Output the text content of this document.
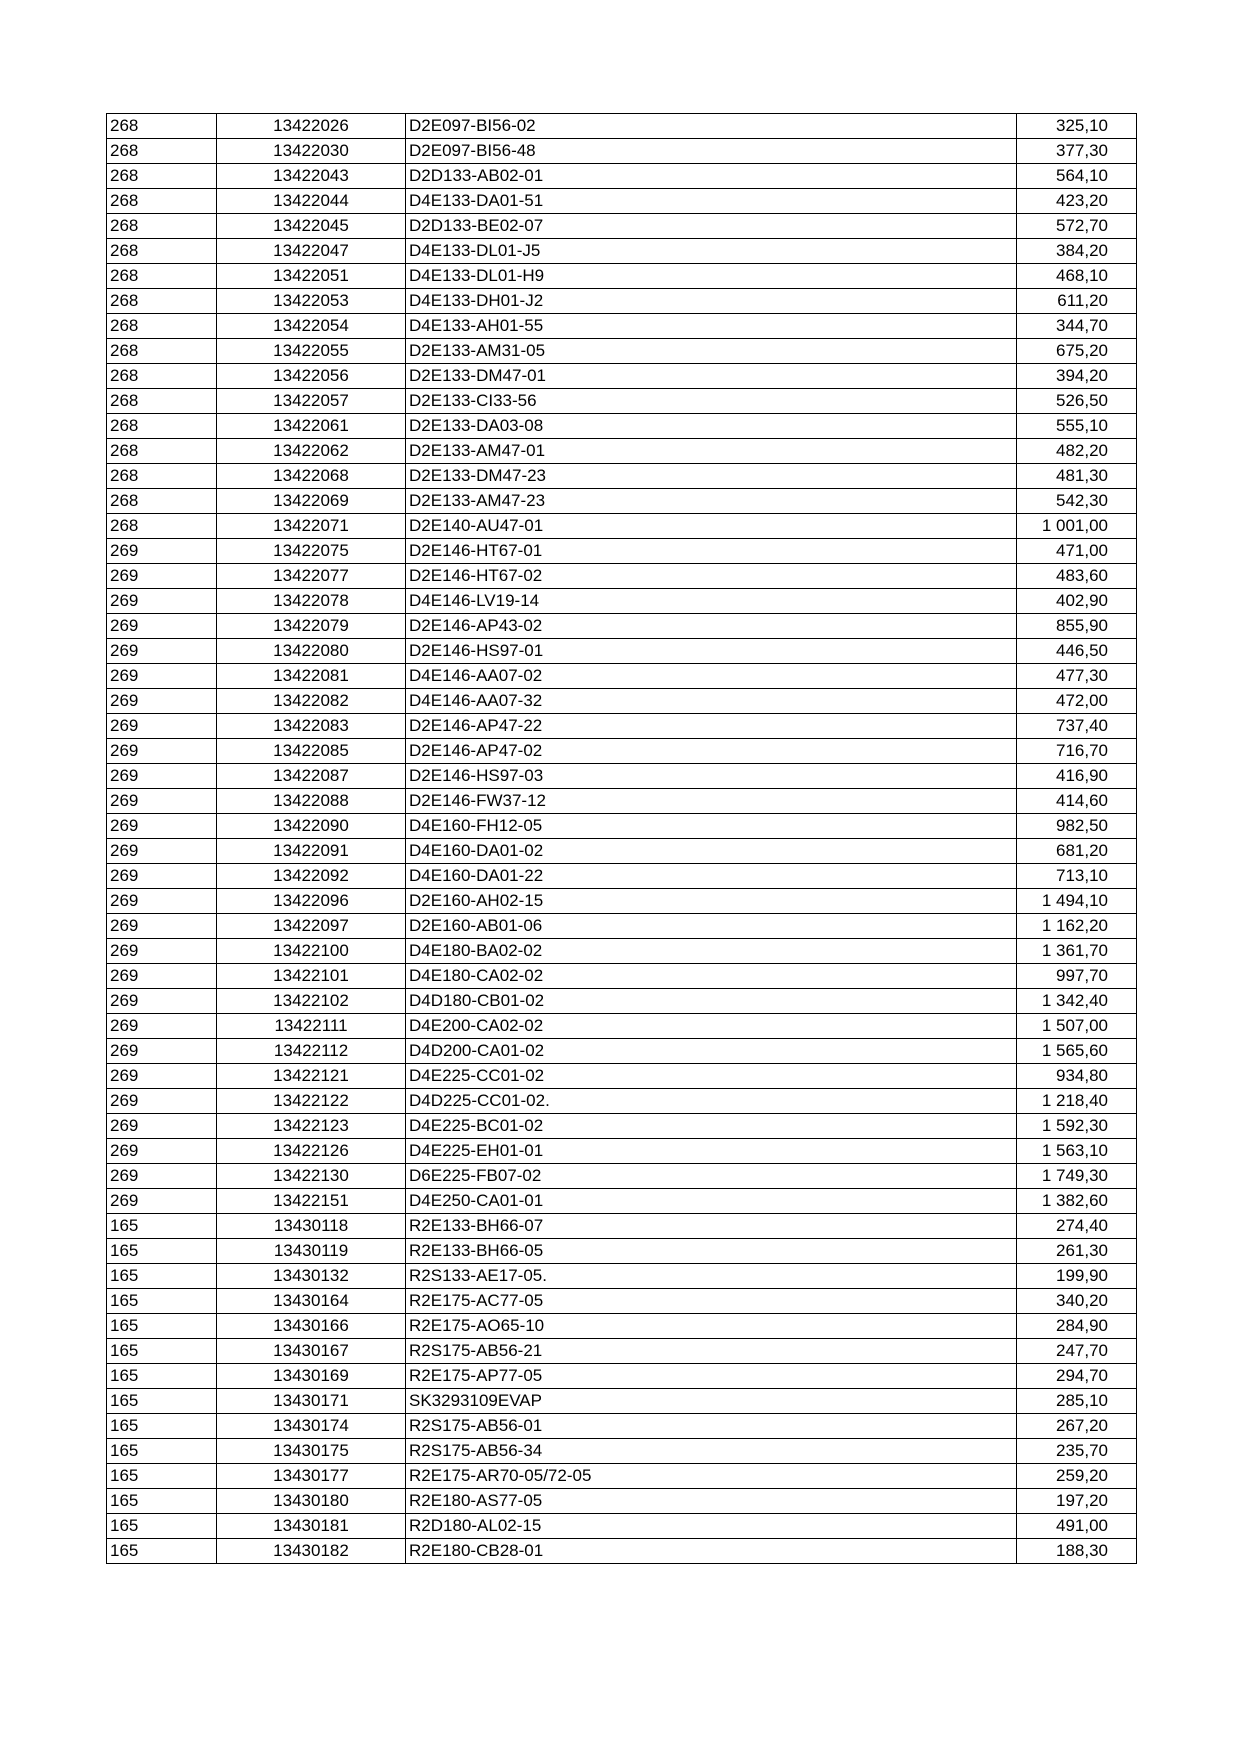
268	13422026	D2E097-BI56-02	325,10
268	13422030	D2E097-BI56-48	377,30
268	13422043	D2D133-AB02-01	564,10
268	13422044	D4E133-DA01-51	423,20
268	13422045	D2D133-BE02-07	572,70
268	13422047	D4E133-DL01-J5	384,20
268	13422051	D4E133-DL01-H9	468,10
268	13422053	D4E133-DH01-J2	611,20
268	13422054	D4E133-AH01-55	344,70
268	13422055	D2E133-AM31-05	675,20
268	13422056	D2E133-DM47-01	394,20
268	13422057	D2E133-CI33-56	526,50
268	13422061	D2E133-DA03-08	555,10
268	13422062	D2E133-AM47-01	482,20
268	13422068	D2E133-DM47-23	481,30
268	13422069	D2E133-AM47-23	542,30
268	13422071	D2E140-AU47-01	1 001,00
269	13422075	D2E146-HT67-01	471,00
269	13422077	D2E146-HT67-02	483,60
269	13422078	D4E146-LV19-14	402,90
269	13422079	D2E146-AP43-02	855,90
269	13422080	D2E146-HS97-01	446,50
269	13422081	D4E146-AA07-02	477,30
269	13422082	D4E146-AA07-32	472,00
269	13422083	D2E146-AP47-22	737,40
269	13422085	D2E146-AP47-02	716,70
269	13422087	D2E146-HS97-03	416,90
269	13422088	D2E146-FW37-12	414,60
269	13422090	D4E160-FH12-05	982,50
269	13422091	D4E160-DA01-02	681,20
269	13422092	D4E160-DA01-22	713,10
269	13422096	D2E160-AH02-15	1 494,10
269	13422097	D2E160-AB01-06	1 162,20
269	13422100	D4E180-BA02-02	1 361,70
269	13422101	D4E180-CA02-02	997,70
269	13422102	D4D180-CB01-02	1 342,40
269	13422111	D4E200-CA02-02	1 507,00
269	13422112	D4D200-CA01-02	1 565,60
269	13422121	D4E225-CC01-02	934,80
269	13422122	D4D225-CC01-02.	1 218,40
269	13422123	D4E225-BC01-02	1 592,30
269	13422126	D4E225-EH01-01	1 563,10
269	13422130	D6E225-FB07-02	1 749,30
269	13422151	D4E250-CA01-01	1 382,60
165	13430118	R2E133-BH66-07	274,40
165	13430119	R2E133-BH66-05	261,30
165	13430132	R2S133-AE17-05.	199,90
165	13430164	R2E175-AC77-05	340,20
165	13430166	R2E175-AO65-10	284,90
165	13430167	R2S175-AB56-21	247,70
165	13430169	R2E175-AP77-05	294,70
165	13430171	SK3293109EVAP	285,10
165	13430174	R2S175-AB56-01	267,20
165	13430175	R2S175-AB56-34	235,70
165	13430177	R2E175-AR70-05/72-05	259,20
165	13430180	R2E180-AS77-05	197,20
165	13430181	R2D180-AL02-15	491,00
165	13430182	R2E180-CB28-01	188,30
